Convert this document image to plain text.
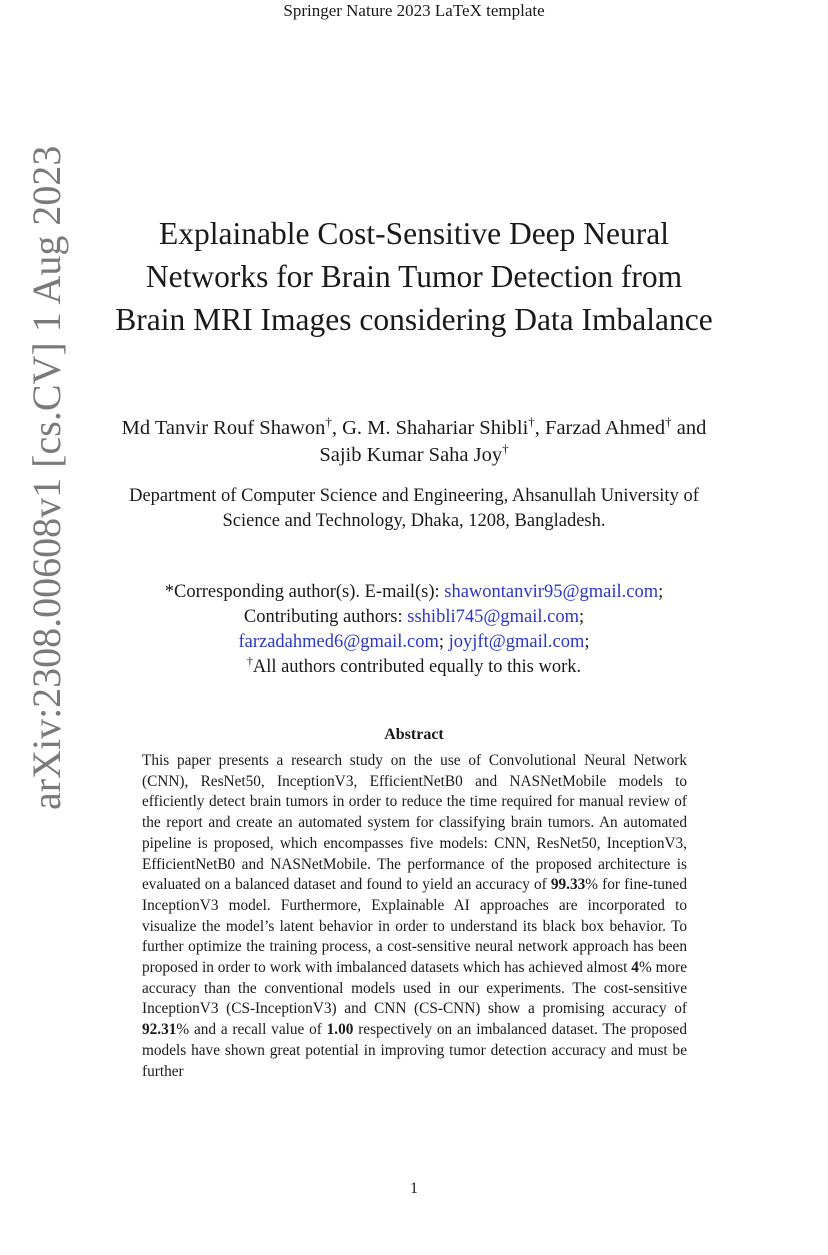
Springer Nature 2023 LaTeX template
arXiv:2308.00608v1 [cs.CV] 1 Aug 2023	Explainable Cost-Sensitive Deep Neural Networks for Brain Tumor Detection from Brain MRI Images considering Data Imbalance
Md Tanvir Rouf Shawon†, G. M. Shahariar Shibli†, Farzad Ahmed† and Sajib Kumar Saha Joy†
Department of Computer Science and Engineering, Ahsanullah University of Science and Technology, Dhaka, 1208, Bangladesh.
*Corresponding author(s). E-mail(s): shawontanvir95@gmail.com;
Contributing authors: sshibli745@gmail.com;
farzadahmed6@gmail.com; joyjft@gmail.com;
†All authors contributed equally to this work.
Abstract

This paper presents a research study on the use of Convolutional Neural Network (CNN), ResNet50, InceptionV3, EfficientNetB0 and NASNetMobile models to efficiently detect brain tumors in order to reduce the time required for manual review of the report and create an automated system for classifying brain tumors. An automated pipeline is proposed, which encompasses five models: CNN, ResNet50, InceptionV3, EfficientNetB0 and NASNetMobile. The performance of the proposed architecture is evaluated on a balanced dataset and found to yield an accuracy of 99.33% for fine-tuned InceptionV3 model. Furthermore, Explainable AI approaches are incorporated to visualize the model’s latent behavior in order to understand its black box behavior. To further optimize the training process, a cost-sensitive neural network approach has been proposed in order to work with imbalanced datasets which has achieved almost 4% more accuracy than the conventional models used in our experiments. The cost-sensitive InceptionV3 (CS-InceptionV3) and CNN (CS-CNN) show a promising accuracy of 92.31% and a recall value of 1.00 respectively on an imbalanced dataset. The proposed models have shown great potential in improving tumor detection accuracy and must be further

1
